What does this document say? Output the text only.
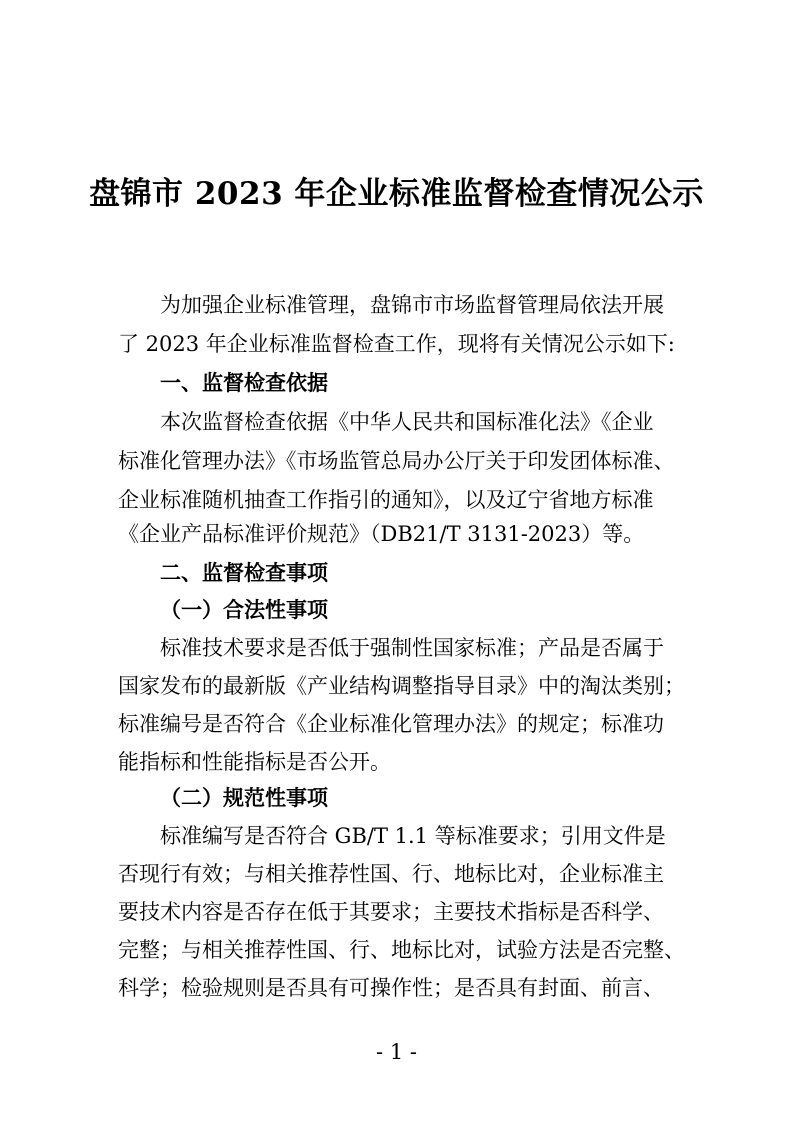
盘锦市 2023 年企业标准监督检查情况公示
为加强企业标准管理，盘锦市市场监督管理局依法开展
了 2023 年企业标准监督检查工作，现将有关情况公示如下:
一、监督检查依据
本次监督检查依据《中华人民共和国标准化法》《企业
标准化管理办法》《市场监管总局办公厅关于印发团体标准、
企业标准随机抽查工作指引的通知》，以及辽宁省地方标准
《企业产品标准评价规范》（DB21/T 3131-2023）等。
二、监督检查事项
（一）合法性事项
标准技术要求是否低于强制性国家标准；产品是否属于
国家发布的最新版《产业结构调整指导目录》中的淘汰类别；
标准编号是否符合《企业标准化管理办法》的规定；标准功
能指标和性能指标是否公开。
（二）规范性事项
标准编写是否符合 GB/T 1.1 等标准要求；引用文件是
否现行有效；与相关推荐性国、行、地标比对，企业标准主
要技术内容是否存在低于其要求；主要技术指标是否科学、
完整；与相关推荐性国、行、地标比对，试验方法是否完整、
科学；检验规则是否具有可操作性；是否具有封面、前言、
- 1 -
